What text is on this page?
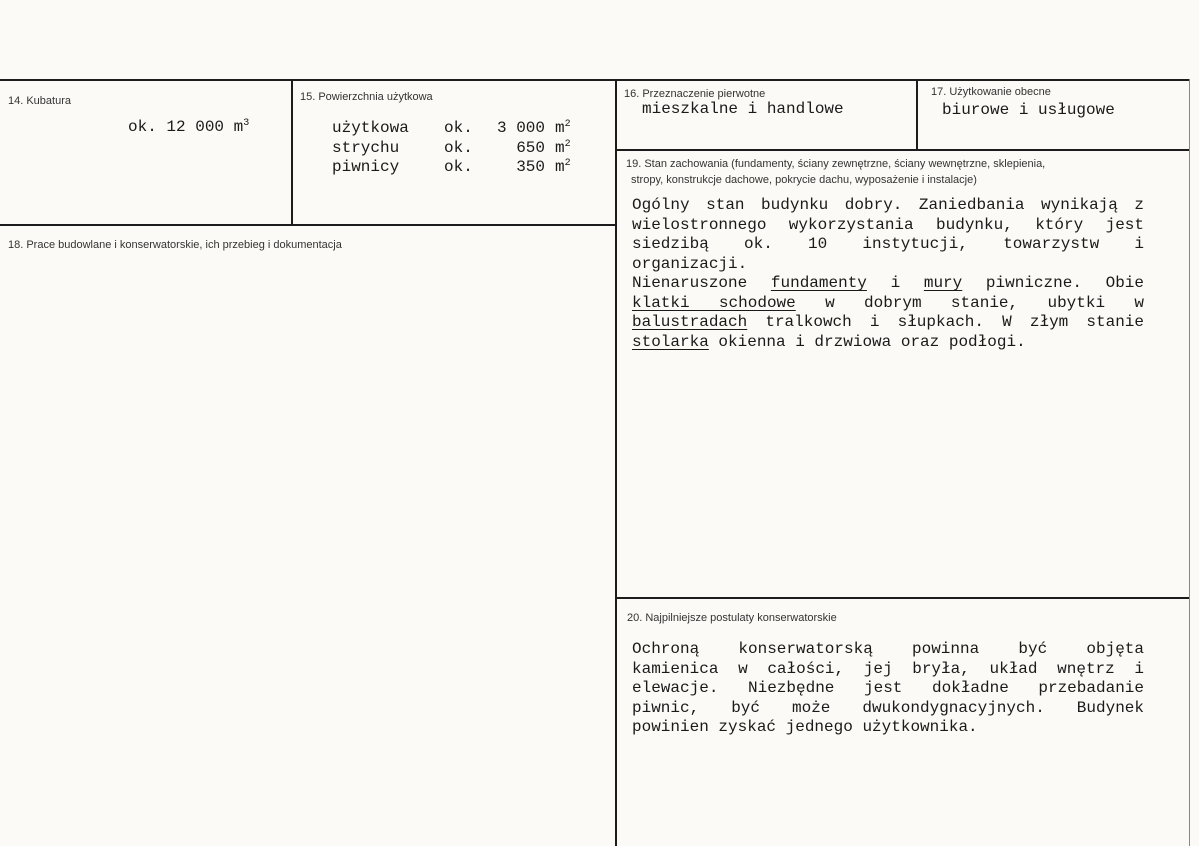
14. Kubatura
ok. 12 000 $m^3$
15. Powierzchnia użytkowa
użytkowa	ok.	3 000 $m^2$
strychu	ok.	650 $m^2$
piwnicy	ok.	350 $m^2$
16. Przeznaczenie pierwotne
mieszkalne i handlowe
17. Użytkowanie obecne
biurowe i usługowe
18. Prace budowlane i konserwatorskie, ich przebieg i dokumentacja
19. Stan zachowania (fundamenty, ściany zewnętrzne, ściany wewnętrzne, sklepienia,
stropy, konstrukcje dachowe, pokrycie dachu, wyposażenie i instalacje)
Ogólny stan budynku dobry. Zaniedbania wynikają z
wielostronnego wykorzystania budynku, który jest
siedzibą ok. 10 instytucji, towarzystw i
organizacji.
Nienaruszone fundamenty i mury piwniczne. Obie
klatki schodowe w dobrym stanie, ubytki w
balustradach tralkowch i słupkach. W złym stanie
stolarka okienna i drzwiowa oraz podłogi.
20. Najpilniejsze postulaty konserwatorskie
Ochroną konserwatorską powinna być objęta
kamienica w całości, jej bryła, układ wnętrz i
elewacje. Niezbędne jest dokładne przebadanie
piwnic, być może dwukondygnacyjnych. Budynek
powinien zyskać jednego użytkownika.
